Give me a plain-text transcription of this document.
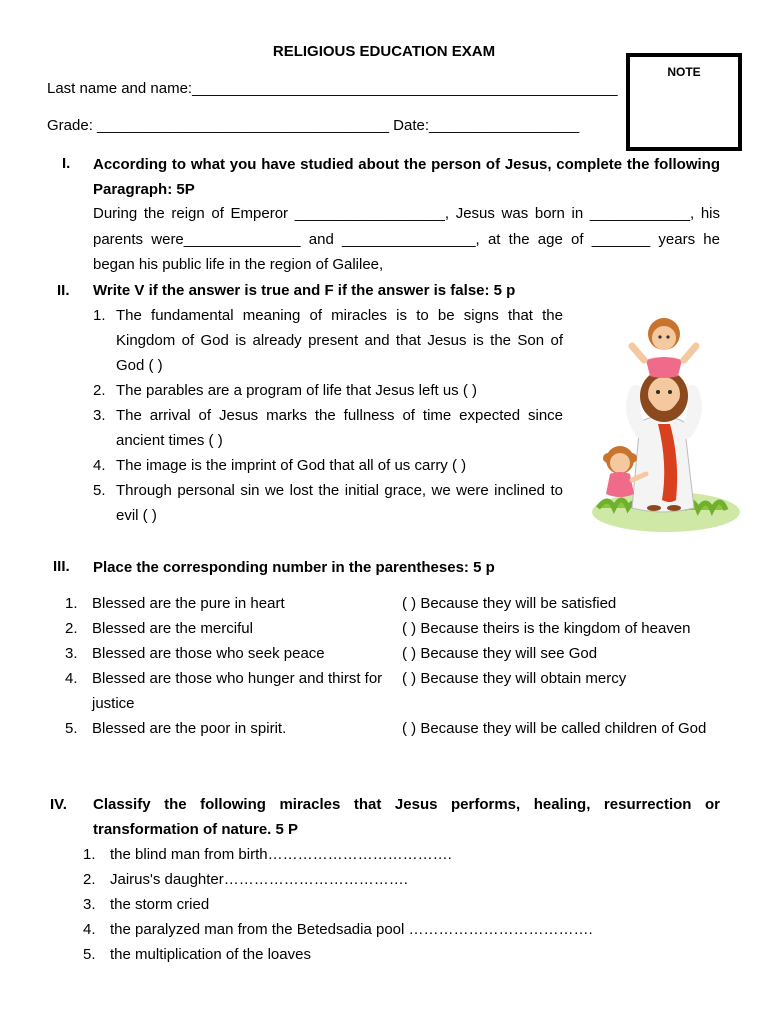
RELIGIOUS EDUCATION EXAM
NOTE
Last name and name:___________________________________________________
Grade: ___________________________________ Date:__________________
I. According to what you have studied about the person of Jesus, complete the following Paragraph: 5P
During the reign of Emperor __________________, Jesus was born in ____________, his parents were______________ and ________________, at the age of _______ years he began his public life in the region of Galilee,
II. Write V if the answer is true and F if the answer is false: 5 p
1. The fundamental meaning of miracles is to be signs that the Kingdom of God is already present and that Jesus is the Son of God ( )
2. The parables are a program of life that Jesus left us ( )
3. The arrival of Jesus marks the fullness of time expected since ancient times ( )
4. The image is the imprint of God that all of us carry ( )
5. Through personal sin we lost the initial grace, we were inclined to evil ( )
III. Place the corresponding number in the parentheses: 5 p
1. Blessed are the pure in heart
2. Blessed are the merciful
3. Blessed are those who seek peace
4. Blessed are those who hunger and thirst for justice
5. Blessed are the poor in spirit.
( ) Because they will be satisfied
( ) Because theirs is the kingdom of heaven
( ) Because they will see God
( ) Because they will obtain mercy
( ) Because they will be called children of God
IV. Classify the following miracles that Jesus performs, healing, resurrection or transformation of nature. 5 P
1. the blind man from birth……………………………….
2. Jairus's daughter……………………………….
3. the storm cried
4. the paralyzed man from the Betedsadia pool ……………………………….
5. the multiplication of the loaves
